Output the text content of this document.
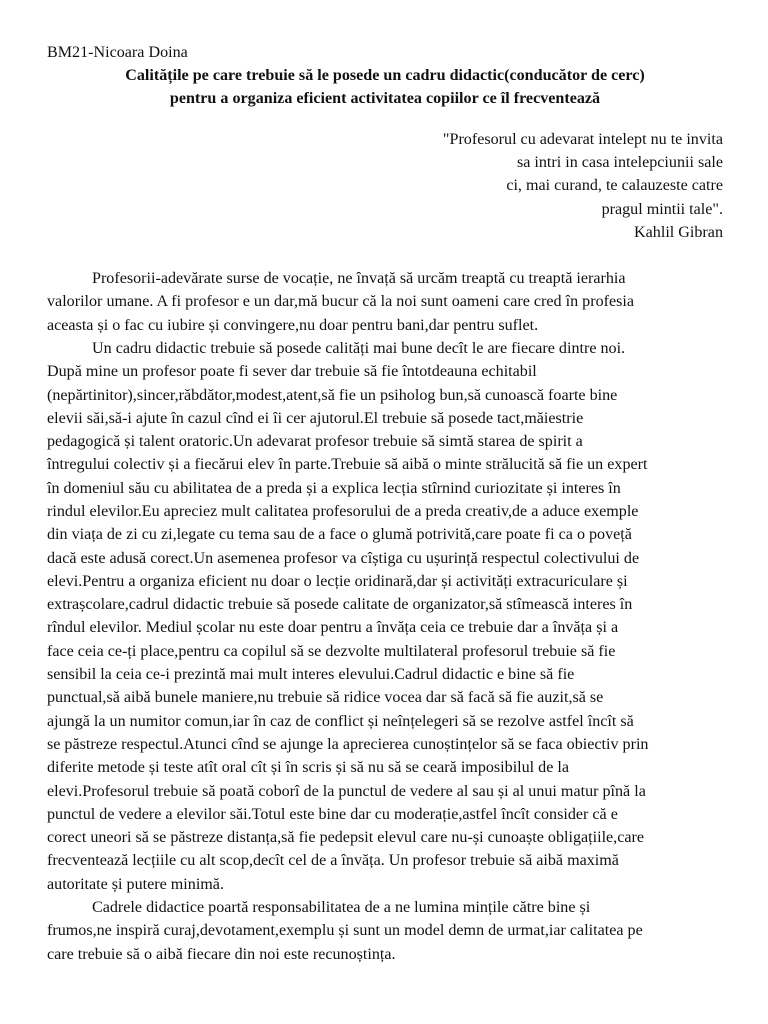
BM21-Nicoara Doina

Calitățile pe care trebuie să le posede un cadru didactic(conducător de cerc)

pentru a organiza eficient activitatea copiilor ce îl frecventează

"Profesorul cu adevarat intelept nu te invita
sa intri in casa intelepciunii sale
ci, mai curand, te calauzeste catre
pragul mintii tale".
Kahlil Gibran
Profesorii-adevărate surse de vocație, ne învață să urcăm treaptă cu treaptă ierarhia
valorilor umane. A fi profesor e un dar,mă bucur că la noi sunt oameni care cred în profesia
aceasta și o fac cu iubire și convingere,nu doar pentru bani,dar pentru suflet.
Un cadru didactic trebuie să posede calități mai bune decît le are fiecare dintre noi.
După mine un profesor poate fi sever dar trebuie să fie întotdeauna echitabil
(nepărtinitor),sincer,răbdător,modest,atent,să fie un psiholog bun,să cunoască foarte bine
elevii săi,să-i ajute în cazul cînd ei îi cer ajutorul.El trebuie să posede tact,măiestrie
pedagogică și talent oratoric.Un adevarat profesor trebuie să simtă starea de spirit a
întregului colectiv și a fiecărui elev în parte.Trebuie să aibă o minte strălucită să fie un expert
în domeniul său cu abilitatea de a preda și a explica lecția stîrnind curiozitate și interes în
rindul elevilor.Eu apreciez mult calitatea profesorului de a preda creativ,de a aduce exemple
din viața de zi cu zi,legate cu tema sau de a face o glumă potrivită,care poate fi ca o poveță
dacă este adusă corect.Un asemenea profesor va cîștiga cu ușurință respectul colectivului de
elevi.Pentru a organiza eficient nu doar o lecție oridinară,dar și activități extracuriculare și
extrașcolare,cadrul didactic trebuie să posede calitate de organizator,să stîmească interes în
rîndul elevilor. Mediul școlar nu este doar pentru a învăța ceia ce trebuie dar a învăța și a
face ceia ce-ți place,pentru ca copilul să se dezvolte multilateral profesorul trebuie să fie
sensibil la ceia ce-i prezintă mai mult interes elevului.Cadrul didactic e bine să fie
punctual,să aibă bunele maniere,nu trebuie să ridice vocea dar să facă să fie auzit,să se
ajungă la un numitor comun,iar în caz de conflict și neînțelegeri să se rezolve astfel încît să
se păstreze respectul.Atunci cînd se ajunge la aprecierea cunoștințelor să se faca obiectiv prin
diferite metode și teste atît oral cît și în scris și să nu să se ceară imposibilul de la
elevi.Profesorul trebuie să poată coborî de la punctul de vedere al sau și al unui matur pînă la
punctul de vedere a elevilor săi.Totul este bine dar cu moderație,astfel încît consider că e
corect uneori să se păstreze distanța,să fie pedepsit elevul care nu-și cunoaște obligațiile,care
frecventează lecțiile cu alt scop,decît cel de a învăța. Un profesor trebuie să aibă maximă
autoritate și putere minimă.
Cadrele didactice poartă responsabilitatea de a ne lumina mințile către bine și
frumos,ne inspiră curaj,devotament,exemplu și sunt un model demn de urmat,iar calitatea pe
care trebuie să o aibă fiecare din noi este recunoștința.
